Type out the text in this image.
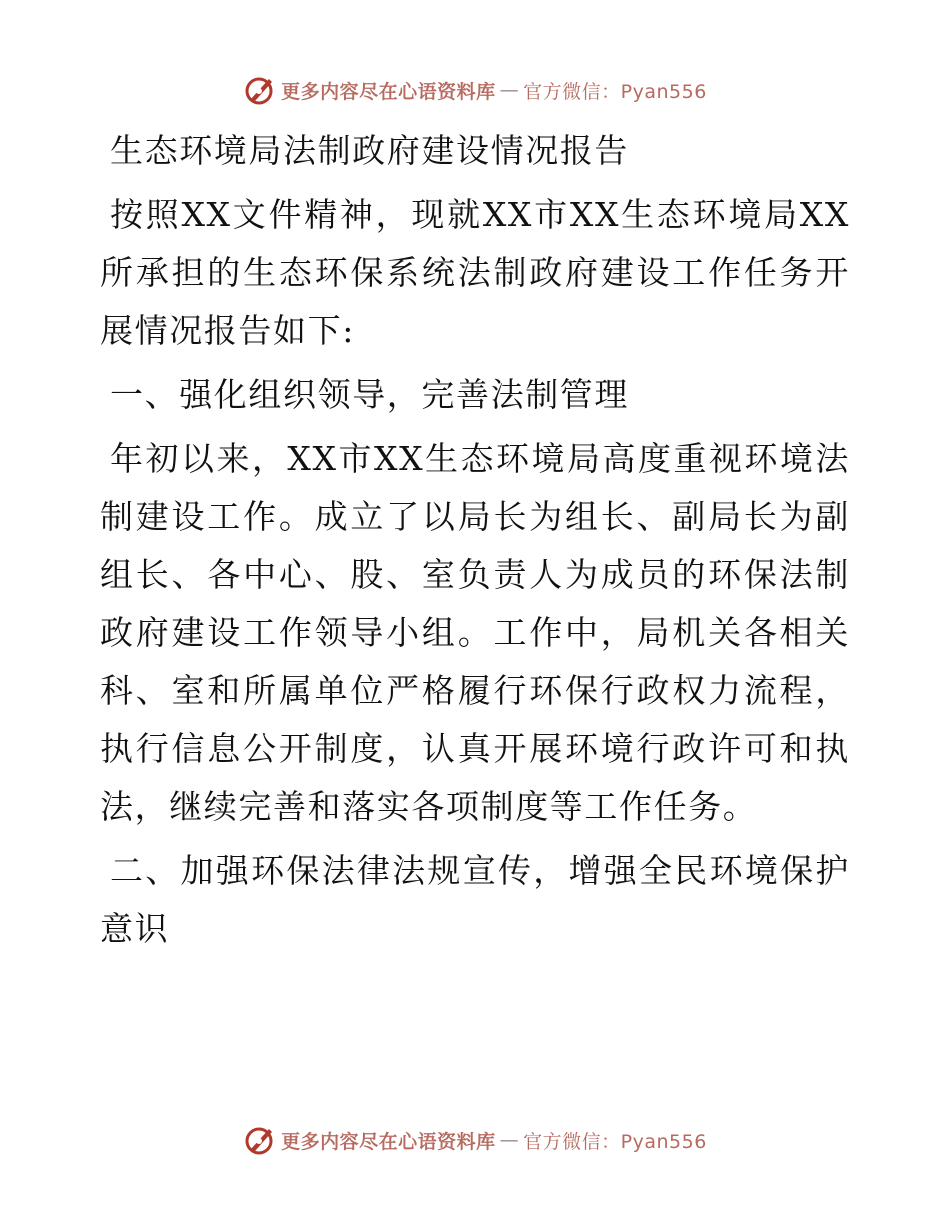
更多内容尽在心语资料库 — 官方微信：Pyan556

生态环境局法制政府建设情况报告

按照XX文件精神，现就XX市XX生态环境局XX所承担的生态环保系统法制政府建设工作任务开展情况报告如下:

一、强化组织领导，完善法制管理

年初以来，XX市XX生态环境局高度重视环境法制建设工作。成立了以局长为组长、副局长为副组长、各中心、股、室负责人为成员的环保法制政府建设工作领导小组。工作中，局机关各相关科、室和所属单位严格履行环保行政权力流程，执行信息公开制度，认真开展环境行政许可和执法，继续完善和落实各项制度等工作任务。

二、加强环保法律法规宣传，增强全民环境保护意识

更多内容尽在心语资料库 — 官方微信：Pyan556
